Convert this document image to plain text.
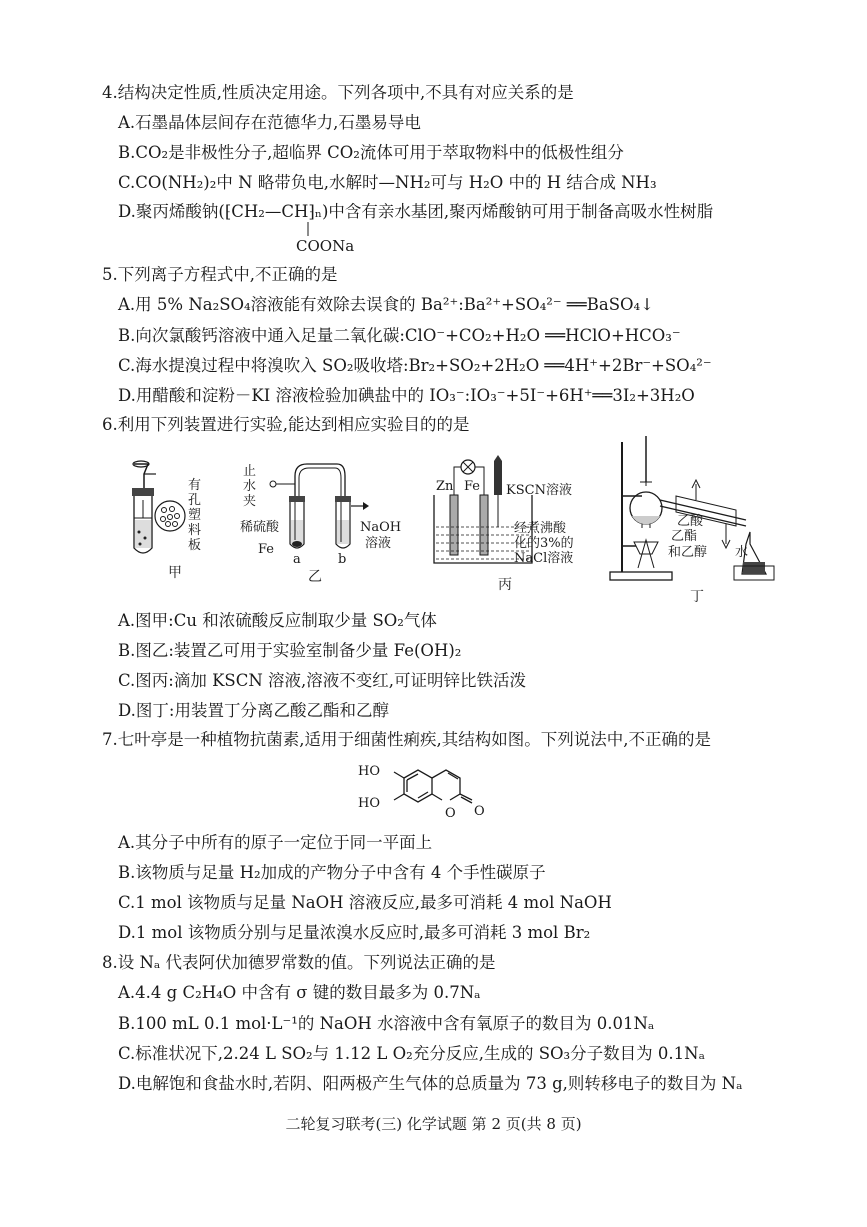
4.结构决定性质,性质决定用途。下列各项中,不具有对应关系的是
A.石墨晶体层间存在范德华力,石墨易导电
B.CO₂是非极性分子,超临界 CO₂流体可用于萃取物料中的低极性组分
C.CO(NH₂)₂中 N 略带负电,水解时—NH₂可与 H₂O 中的 H 结合成 NH₃
D.聚丙烯酸钠(⁅CH₂—CH⁆ₙ)中含有亲水基团,聚丙烯酸钠可用于制备高吸水性树脂
COONa
5.下列离子方程式中,不正确的是
A.用 5% Na₂SO₄溶液能有效除去误食的 Ba²⁺:Ba²⁺+SO₄²⁻ ══BaSO₄↓
B.向次氯酸钙溶液中通入足量二氧化碳:ClO⁻+CO₂+H₂O ══HClO+HCO₃⁻
C.海水提溴过程中将溴吹入 SO₂吸收塔:Br₂+SO₂+2H₂O ══4H⁺+2Br⁻+SO₄²⁻
D.用醋酸和淀粉－KI 溶液检验加碘盐中的 IO₃⁻:IO₃⁻+5I⁻+6H⁺══3I₂+3H₂O
6.利用下列装置进行实验,能达到相应实验目的的是
有
孔
塑
料
板
甲
止水夹
稀硫酸
Fe
a	b
NaOH
溶液
乙
Zn Fe KSCN溶液
经煮沸酸
化的3%的
NaCl溶液
丙
乙酸
乙酯
和乙醇 水
丁
A.图甲:Cu 和浓硫酸反应制取少量 SO₂气体
B.图乙:装置乙可用于实验室制备少量 Fe(OH)₂
C.图丙:滴加 KSCN 溶液,溶液不变红,可证明锌比铁活泼
D.图丁:用装置丁分离乙酸乙酯和乙醇
7.七叶亭是一种植物抗菌素,适用于细菌性痢疾,其结构如图。下列说法中,不正确的是
HO
HO
O O
A.其分子中所有的原子一定位于同一平面上
B.该物质与足量 H₂加成的产物分子中含有 4 个手性碳原子
C.1 mol 该物质与足量 NaOH 溶液反应,最多可消耗 4 mol NaOH
D.1 mol 该物质分别与足量浓溴水反应时,最多可消耗 3 mol Br₂
8.设 Nₐ 代表阿伏加德罗常数的值。下列说法正确的是
A.4.4 g C₂H₄O 中含有 σ 键的数目最多为 0.7Nₐ
B.100 mL 0.1 mol·L⁻¹的 NaOH 水溶液中含有氧原子的数目为 0.01Nₐ
C.标准状况下,2.24 L SO₂与 1.12 L O₂充分反应,生成的 SO₃分子数目为 0.1Nₐ
D.电解饱和食盐水时,若阴、阳两极产生气体的总质量为 73 g,则转移电子的数目为 Nₐ
二轮复习联考(三) 化学试题 第 2 页(共 8 页)
